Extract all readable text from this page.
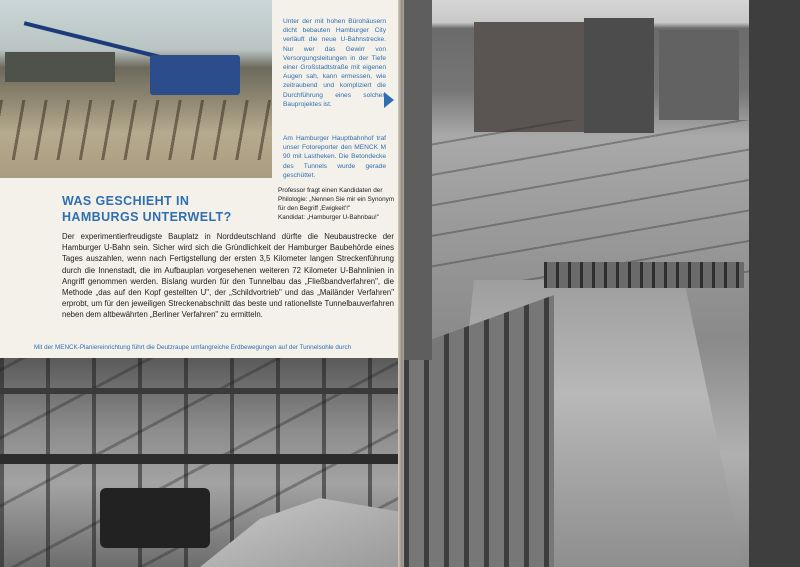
Unter der mit hohen Bürohäusern dicht bebauten Hamburger City verläuft die neue U-Bahnstrecke. Nur wer das Gewirr von Versorgungsleitungen in der Tiefe einer Großstadtstraße mit eigenen Augen sah, kann ermessen, wie zeitraubend und kompliziert die Durchführung eines solchen Bauprojektes ist.
Am Hamburger Hauptbahnhof traf unser Fotoreporter den MENCK M 90 mit Lastheken. Die Betondecke des Tunnels wurde gerade geschüttet.
WAS GESCHIEHT IN HAMBURGS UNTERWELT?

Professor fragt einen Kandidaten der Philologie: „Nennen Sie mir ein Synonym für den Begriff ‚Ewigkeit'!"

Kandidat: „Hamburger U-Bahnbau!"

Der experimentierfreudigste Bauplatz in Norddeutschland dürfte die Neubaustrecke der Hamburger U-Bahn sein. Sicher wird sich die Gründlichkeit der Hamburger Baubehörde eines Tages auszahlen, wenn nach Fertigstellung der ersten 3,5 Kilometer langen Streckenführung durch die Innenstadt, die im Aufbauplan vorgesehenen weiteren 72 Kilometer U-Bahnlinien in Angriff genommen werden. Bislang wurden für den Tunnelbau das „Fließbandverfahren", die Methode „das auf den Kopf gestellten U", der „Schildvortrieb" und das „Mailänder Verfahren" erprobt, um für den jeweiligen Streckenabschnitt das beste und rationellste Tunnelbauverfahren neben dem altbewährten „Berliner Verfahren" zu ermitteln.

Mit der MENCK-Planiereinrichtung führt die Deutzraupe umfangreiche Erdbewegungen auf der Tunnelsohle durch
